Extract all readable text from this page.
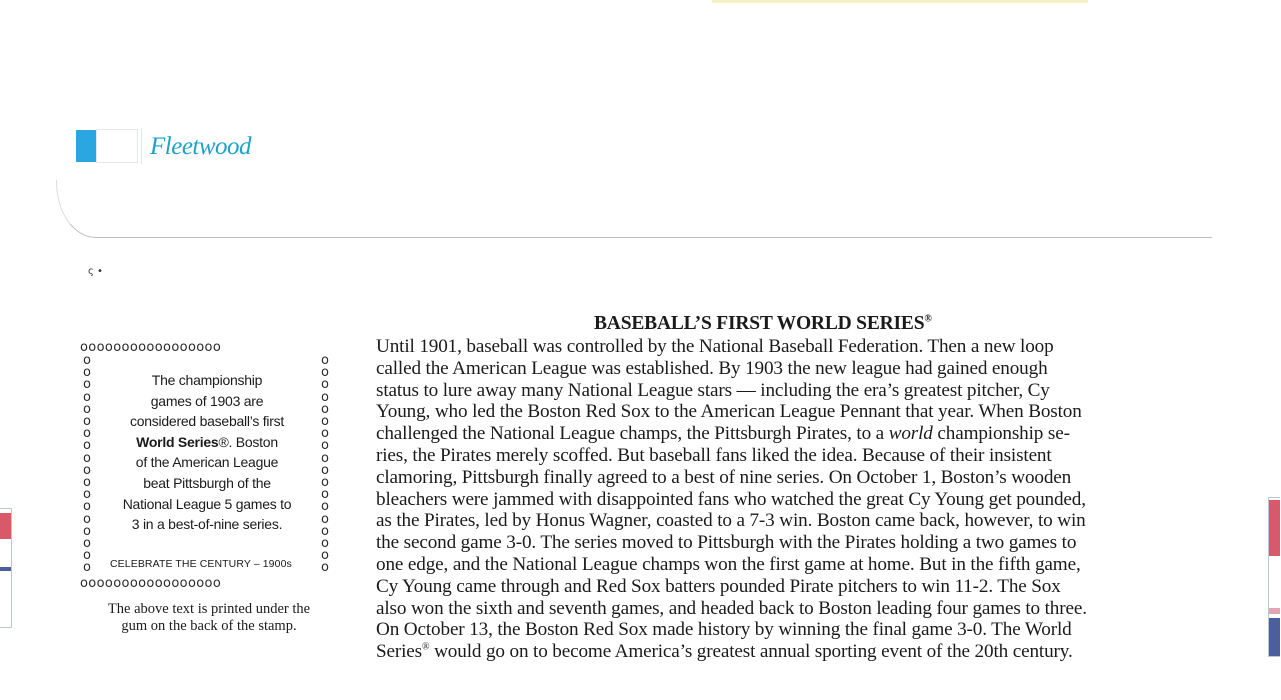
Fleetwood
ς •
ooooooooooooooooo
o
o
o
o
o
o
o
o
o
o
o
o
o
o
o
o
o
o
o
o
o
o
o
o
o
o
o
o
o
o
o
o
o
o
o
o
ooooooooooooooooo
The championship
games of 1903 are
considered baseball’s first
World Series®. Boston
of the American League
beat Pittsburgh of the
National League 5 games to
3 in a best-of-nine series.
CELEBRATE THE CENTURY – 1900s
The above text is printed under the
gum on the back of the stamp.
BASEBALL’S FIRST WORLD SERIES®
Until 1901, baseball was controlled by the National Baseball Federation. Then a new loop
called the American League was established. By 1903 the new league had gained enough
status to lure away many National League stars — including the era’s greatest pitcher, Cy
Young, who led the Boston Red Sox to the American League Pennant that year. When Boston
challenged the National League champs, the Pittsburgh Pirates, to a world championship se-
ries, the Pirates merely scoffed. But baseball fans liked the idea. Because of their insistent
clamoring, Pittsburgh finally agreed to a best of nine series. On October 1, Boston’s wooden
bleachers were jammed with disappointed fans who watched the great Cy Young get pounded,
as the Pirates, led by Honus Wagner, coasted to a 7-3 win. Boston came back, however, to win
the second game 3-0. The series moved to Pittsburgh with the Pirates holding a two games to
one edge, and the National League champs won the first game at home. But in the fifth game,
Cy Young came through and Red Sox batters pounded Pirate pitchers to win 11-2. The Sox
also won the sixth and seventh games, and headed back to Boston leading four games to three.
On October 13, the Boston Red Sox made history by winning the final game 3-0. The World
Series® would go on to become America’s greatest annual sporting event of the 20th century.
